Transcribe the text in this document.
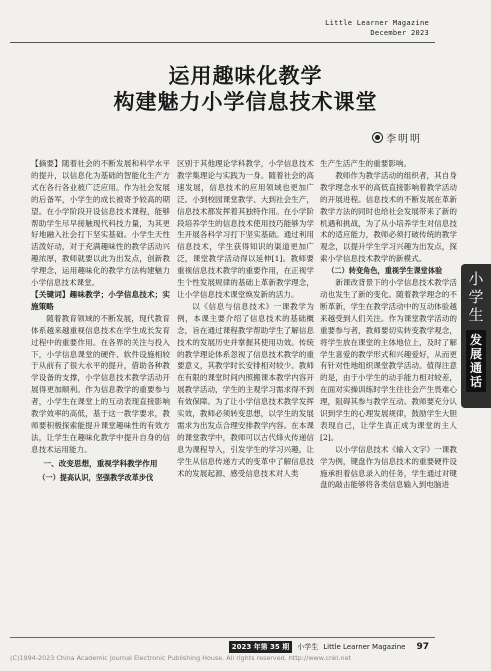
Little Learner Magazine
December 2023
运用趣味化教学
构建魅力小学信息技术课堂
李明明

【摘要】随着社会的不断发展和科学水平的提升，以信息化为基础的智能化生产方式在各行各业被广泛应用。作为社会发展的后备军，小学生的成长被寄予较高的期望。在小学阶段开设信息技术课程，能够帮助学生尽早接触现代科技力量，为其更好地融入社会打下坚实基础。小学生天性活泼好动，对于充满趣味性的教学活动兴趣浓厚，教师就要以此为出发点，创新教学理念，运用趣味化的教学方法构建魅力小学信息技术课堂。

【关键词】趣味教学；小学信息技术；实施策略

随着教育领域的不断发展，现代教育体系越来越重视信息技术在学生成长发育过程中的重要作用。在各界的关注与投入下，小学信息课堂的硬件、软件设施相较于从前有了很大水平的提升，借助各种教学设备的支撑，小学信息技术教学活动开展得更加顺利。作为信息教学的重要参与者，小学生在课堂上的互动表现直接影响教学效率的高低，基于这一教学要求，教师要积极探索能提升课堂趣味性的有效方法，让学生在趣味化教学中提升自身的信息技术运用能力。

一、改变思想，重视学科教学作用

（一）提高认识，坚强教学改革步伐

区别于其他理论学科教学，小学信息技术教学集理论与实践为一身。随着社会的高速发展，信息技术的应用领域也更加广泛。小到校园课堂教学、大到社会生产，信息技术都发挥着其独特作用。在小学阶段培养学生的信息技术使用技巧能够为学生开展各科学习打下坚实基础。通过利用信息技术，学生获得知识的渠道更加广泛，课堂教学活动得以延伸[1]。教师要重视信息技术教学的重要作用，在正视学生个性发展规律的基础上革新教学理念，让小学信息技术课堂焕发新的活力。

以《信息与信息技术》一课教学为例，本课主要介绍了信息技术的基础概念，旨在通过课程教学帮助学生了解信息技术的发展历史并掌握其使用功效。传统的教学理论体系忽视了信息技术教学的重要意义，其教学时长安排相对较少。教师在有限的课堂时间内照搬课本教学内容开展教学活动，学生的主观学习需求得不到有效保障。为了让小学信息技术教学发挥实效，教师必须转变思想，以学生的发展需求为出发点合理安排教学内容。在本课的课堂教学中，教师可以古代烽火传递信息为课程导入，引发学生的学习兴趣，让学生从信息传递方式的变革中了解信息技术的发展起源、感受信息技术对人类

生产生活产生的重要影响。

教师作为教学活动的组织者，其自身教学理念水平的高低直接影响着教学活动的开展进程。信息技术的不断发展在革新教学方法的同时也给社会发展带来了新的机遇和挑战，为了从小培养学生对信息技术的适应能力，教师必须打破传统的教学观念，以提升学生学习兴趣为出发点，探索小学信息技术教学的新模式。

（二）转变角色，重视学生课堂体验

新课改背景下的小学信息技术教学活动也发生了新的变化。随着教学理念的不断革新，学生在教学活动中的互动体验越来越受到人们关注。作为课堂教学活动的重要参与者，教师要切实转变教学观念，将学生放在课堂的主体地位上，及时了解学生喜爱的教学形式和兴趣爱好，从而更有针对性地组织课堂教学活动。值得注意的是，由于小学生的动手能力相对较差，在面对实操训练时学生往往会产生畏难心理，阻碍其参与教学互动。教师要充分认识到学生的心理发展规律，鼓励学生大胆表现自己，让学生真正成为课堂的主人[2]。

以小学信息技术《输入文字》一课教学为例，键盘作为信息技术的重要硬件设施承担着信息录入的任务，学生通过对键盘的敲击能够将各类信息输入到电脑进

小学生
发展通话
2023 年第 35 期	小学生 Little Learner Magazine 97
(C)1994-2023 China Academic Journal Electronic Publishing House. All rights reserved. http://www.cnki.net
